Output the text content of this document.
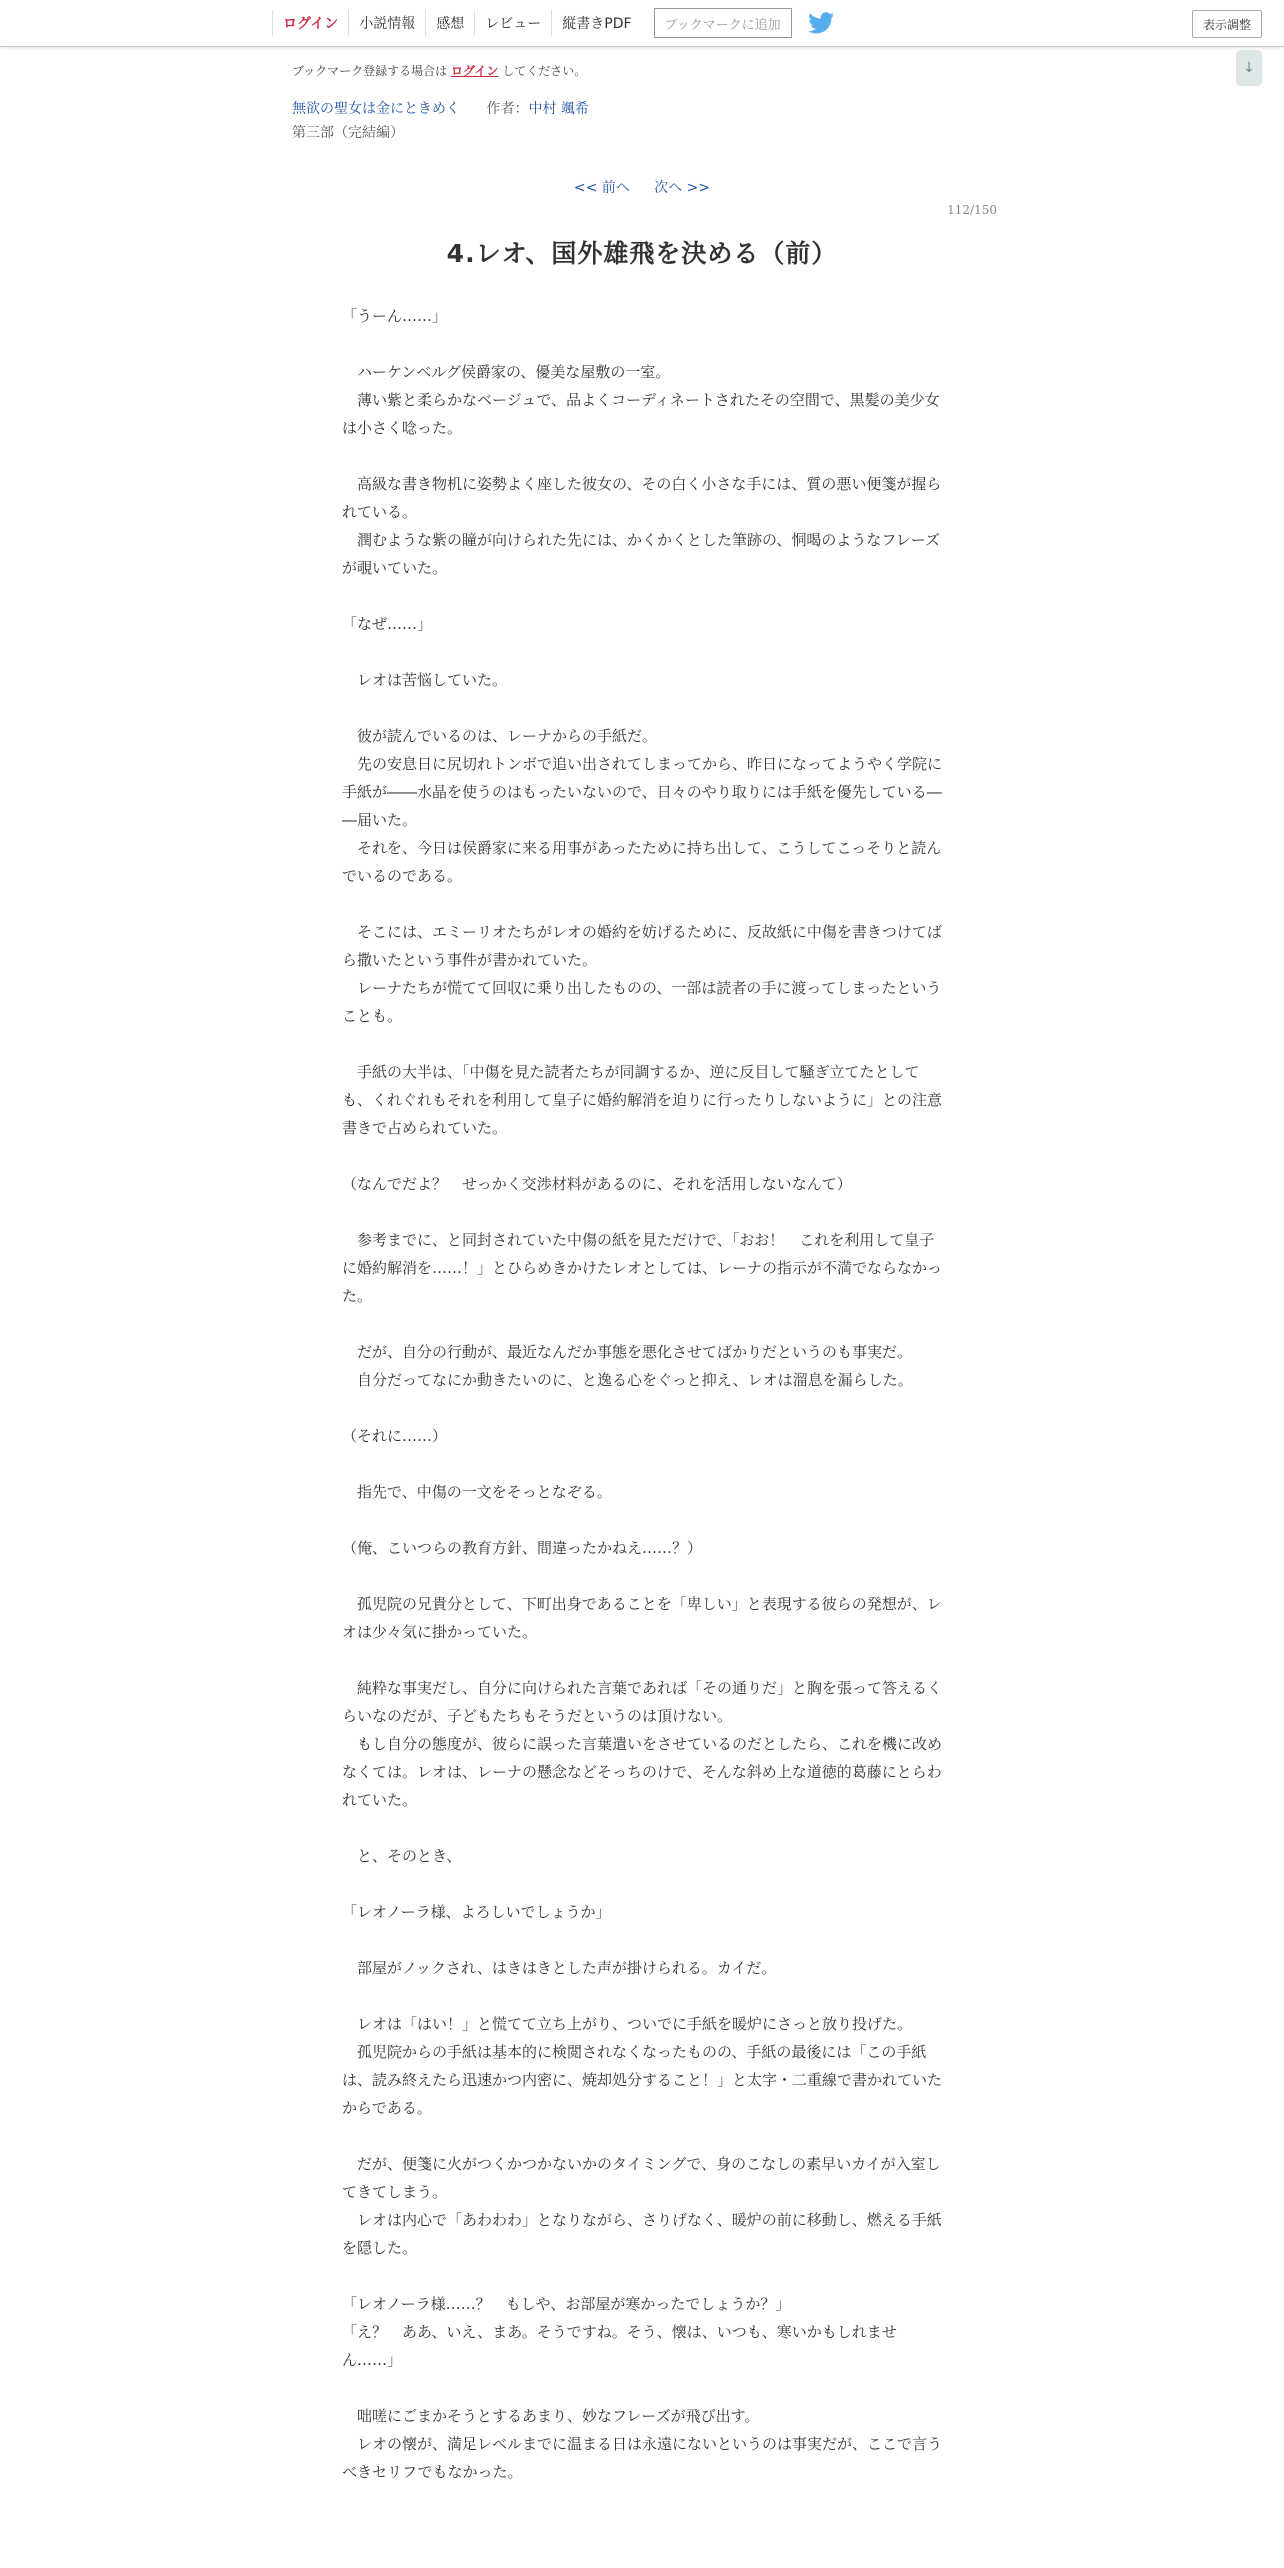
ログイン	小説情報	感想	レビュー	縦書きPDF	ブックマークに追加	表示調整
↓
ブックマーク登録する場合は ログイン してください。
無欲の聖女は金にときめく 作者：中村 颯希
第三部（完結編）
<< 前へ 次へ >>
112/150
4.レオ、国外雄飛を決める（前）

「うーん……」

　ハーケンベルグ侯爵家の、優美な屋敷の一室。

　薄い紫と柔らかなベージュで、品よくコーディネートされたその空間で、黒髪の美少女は小さく唸った。

　高級な書き物机に姿勢よく座した彼女の、その白く小さな手には、質の悪い便箋が握られている。

　潤むような紫の瞳が向けられた先には、かくかくとした筆跡の、恫喝のようなフレーズが覗いていた。

「なぜ……」

　レオは苦悩していた。

　彼が読んでいるのは、レーナからの手紙だ。

　先の安息日に尻切れトンボで追い出されてしまってから、昨日になってようやく学院に手紙が――水晶を使うのはもったいないので、日々のやり取りには手紙を優先している――届いた。

　それを、今日は侯爵家に来る用事があったために持ち出して、こうしてこっそりと読んでいるのである。

　そこには、エミーリオたちがレオの婚約を妨げるために、反故紙に中傷を書きつけてばら撒いたという事件が書かれていた。

　レーナたちが慌てて回収に乗り出したものの、一部は読者の手に渡ってしまったということも。

　手紙の大半は、「中傷を見た読者たちが同調するか、逆に反目して騒ぎ立てたとしても、くれぐれもそれを利用して皇子に婚約解消を迫りに行ったりしないように」との注意書きで占められていた。

（なんでだよ？　せっかく交渉材料があるのに、それを活用しないなんて）

　参考までに、と同封されていた中傷の紙を見ただけで、「おお！　これを利用して皇子に婚約解消を……！」とひらめきかけたレオとしては、レーナの指示が不満でならなかった。

　だが、自分の行動が、最近なんだか事態を悪化させてばかりだというのも事実だ。

　自分だってなにか動きたいのに、と逸る心をぐっと抑え、レオは溜息を漏らした。

（それに……）

　指先で、中傷の一文をそっとなぞる。

（俺、こいつらの教育方針、間違ったかねえ……？）

　孤児院の兄貴分として、下町出身であることを「卑しい」と表現する彼らの発想が、レオは少々気に掛かっていた。

　純粋な事実だし、自分に向けられた言葉であれば「その通りだ」と胸を張って答えるくらいなのだが、子どもたちもそうだというのは頂けない。

　もし自分の態度が、彼らに誤った言葉遣いをさせているのだとしたら、これを機に改めなくては。レオは、レーナの懸念などそっちのけで、そんな斜め上な道徳的葛藤にとらわれていた。

　と、そのとき、

「レオノーラ様、よろしいでしょうか」

　部屋がノックされ、はきはきとした声が掛けられる。カイだ。

　レオは「はい！」と慌てて立ち上がり、ついでに手紙を暖炉にさっと放り投げた。

　孤児院からの手紙は基本的に検閲されなくなったものの、手紙の最後には「この手紙は、読み終えたら迅速かつ内密に、焼却処分すること！」と太字・二重線で書かれていたからである。

　だが、便箋に火がつくかつかないかのタイミングで、身のこなしの素早いカイが入室してきてしまう。

　レオは内心で「あわわわ」となりながら、さりげなく、暖炉の前に移動し、燃える手紙を隠した。

「レオノーラ様……？　もしや、お部屋が寒かったでしょうか？」

「え？　ああ、いえ、まあ。そうですね。そう、懐は、いつも、寒いかもしれません……」

　咄嗟にごまかそうとするあまり、妙なフレーズが飛び出す。

　レオの懐が、満足レベルまでに温まる日は永遠にないというのは事実だが、ここで言うべきセリフでもなかった。
